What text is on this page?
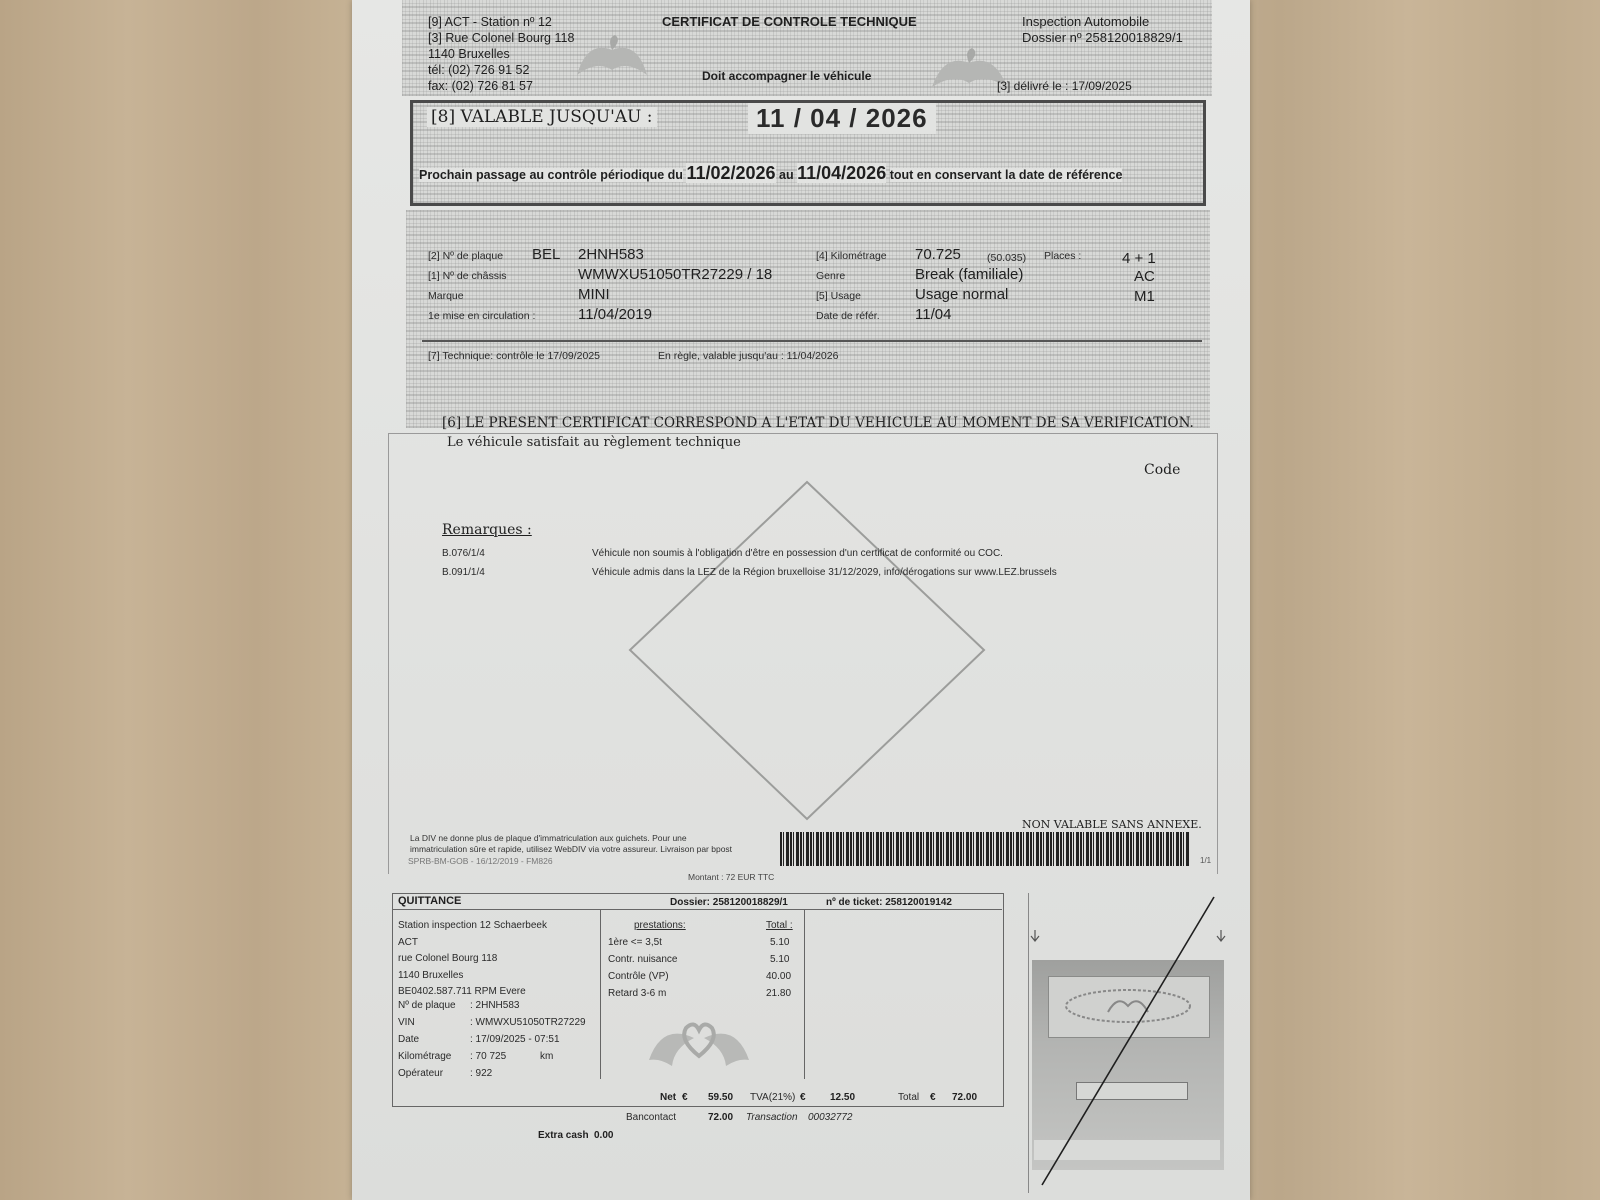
[9] ACT - Station nº 12
[3] Rue Colonel Bourg 118
1140 Bruxelles
tél: (02) 726 91 52
fax: (02) 726 81 57
CERTIFICAT DE CONTROLE TECHNIQUE
Doit accompagner le véhicule
Inspection Automobile
Dossier nº 258120018829/1
[3] délivré le : 17/09/2025
[8] VALABLE JUSQU'AU :	11 / 04 / 2026
Prochain passage au contrôle périodique du 11/02/2026 au 11/04/2026 tout en conservant la date de référence
[2] Nº de plaque BEL 2HNH583	[4] Kilométrage 70.725 (50.035) Places :	4 + 1
[1] Nº de châssis	WMWXU51050TR27229 / 18	Genre	Break (familiale)	AC
Marque	MINI	[5] Usage	Usage normal	M1
1e mise en circulation :	11/04/2019	Date de référ. 11/04
[7] Technique: contrôle le 17/09/2025	En règle, valable jusqu'au : 11/04/2026
[6] LE PRESENT CERTIFICAT CORRESPOND A L'ETAT DU VEHICULE AU MOMENT DE SA VERIFICATION.
Le véhicule satisfait au règlement technique
Code
Remarques :
B.076/1/4	Véhicule non soumis à l'obligation d'être en possession d'un certificat de conformité ou COC.
B.091/1/4	Véhicule admis dans la LEZ de la Région bruxelloise 31/12/2029, info/dérogations sur www.LEZ.brussels
NON VALABLE SANS ANNEXE.
La DIV ne donne plus de plaque d'immatriculation aux guichets. Pour une
immatriculation sûre et rapide, utilisez WebDIV via votre assureur. Livraison par bpost
SPRB-BM-GOB - 16/12/2019 - FM826	1/1
Montant : 72 EUR TTC
QUITTANCE	Dossier: 258120018829/1	nº de ticket: 258120019142
Station inspection 12 Schaerbeek
ACT
rue Colonel Bourg 118
1140 Bruxelles
BE0402.587.711 RPM Evere
Nº de plaque : 2HNH583
VIN	: WMWXU51050TR27229
Date	: 17/09/2025 - 07:51
Kilométrage : 70 725	km
Opérateur	: 922
prestations:	Total :
1ère <= 3,5t	5.10
Contr. nuisance	5.10
Contrôle (VP)	40.00
Retard 3-6 m	21.80
Net € 59.50 TVA(21%) € 12.50	Total € 72.00
Bancontact	72.00 Transaction 00032772
Extra cash 0.00
